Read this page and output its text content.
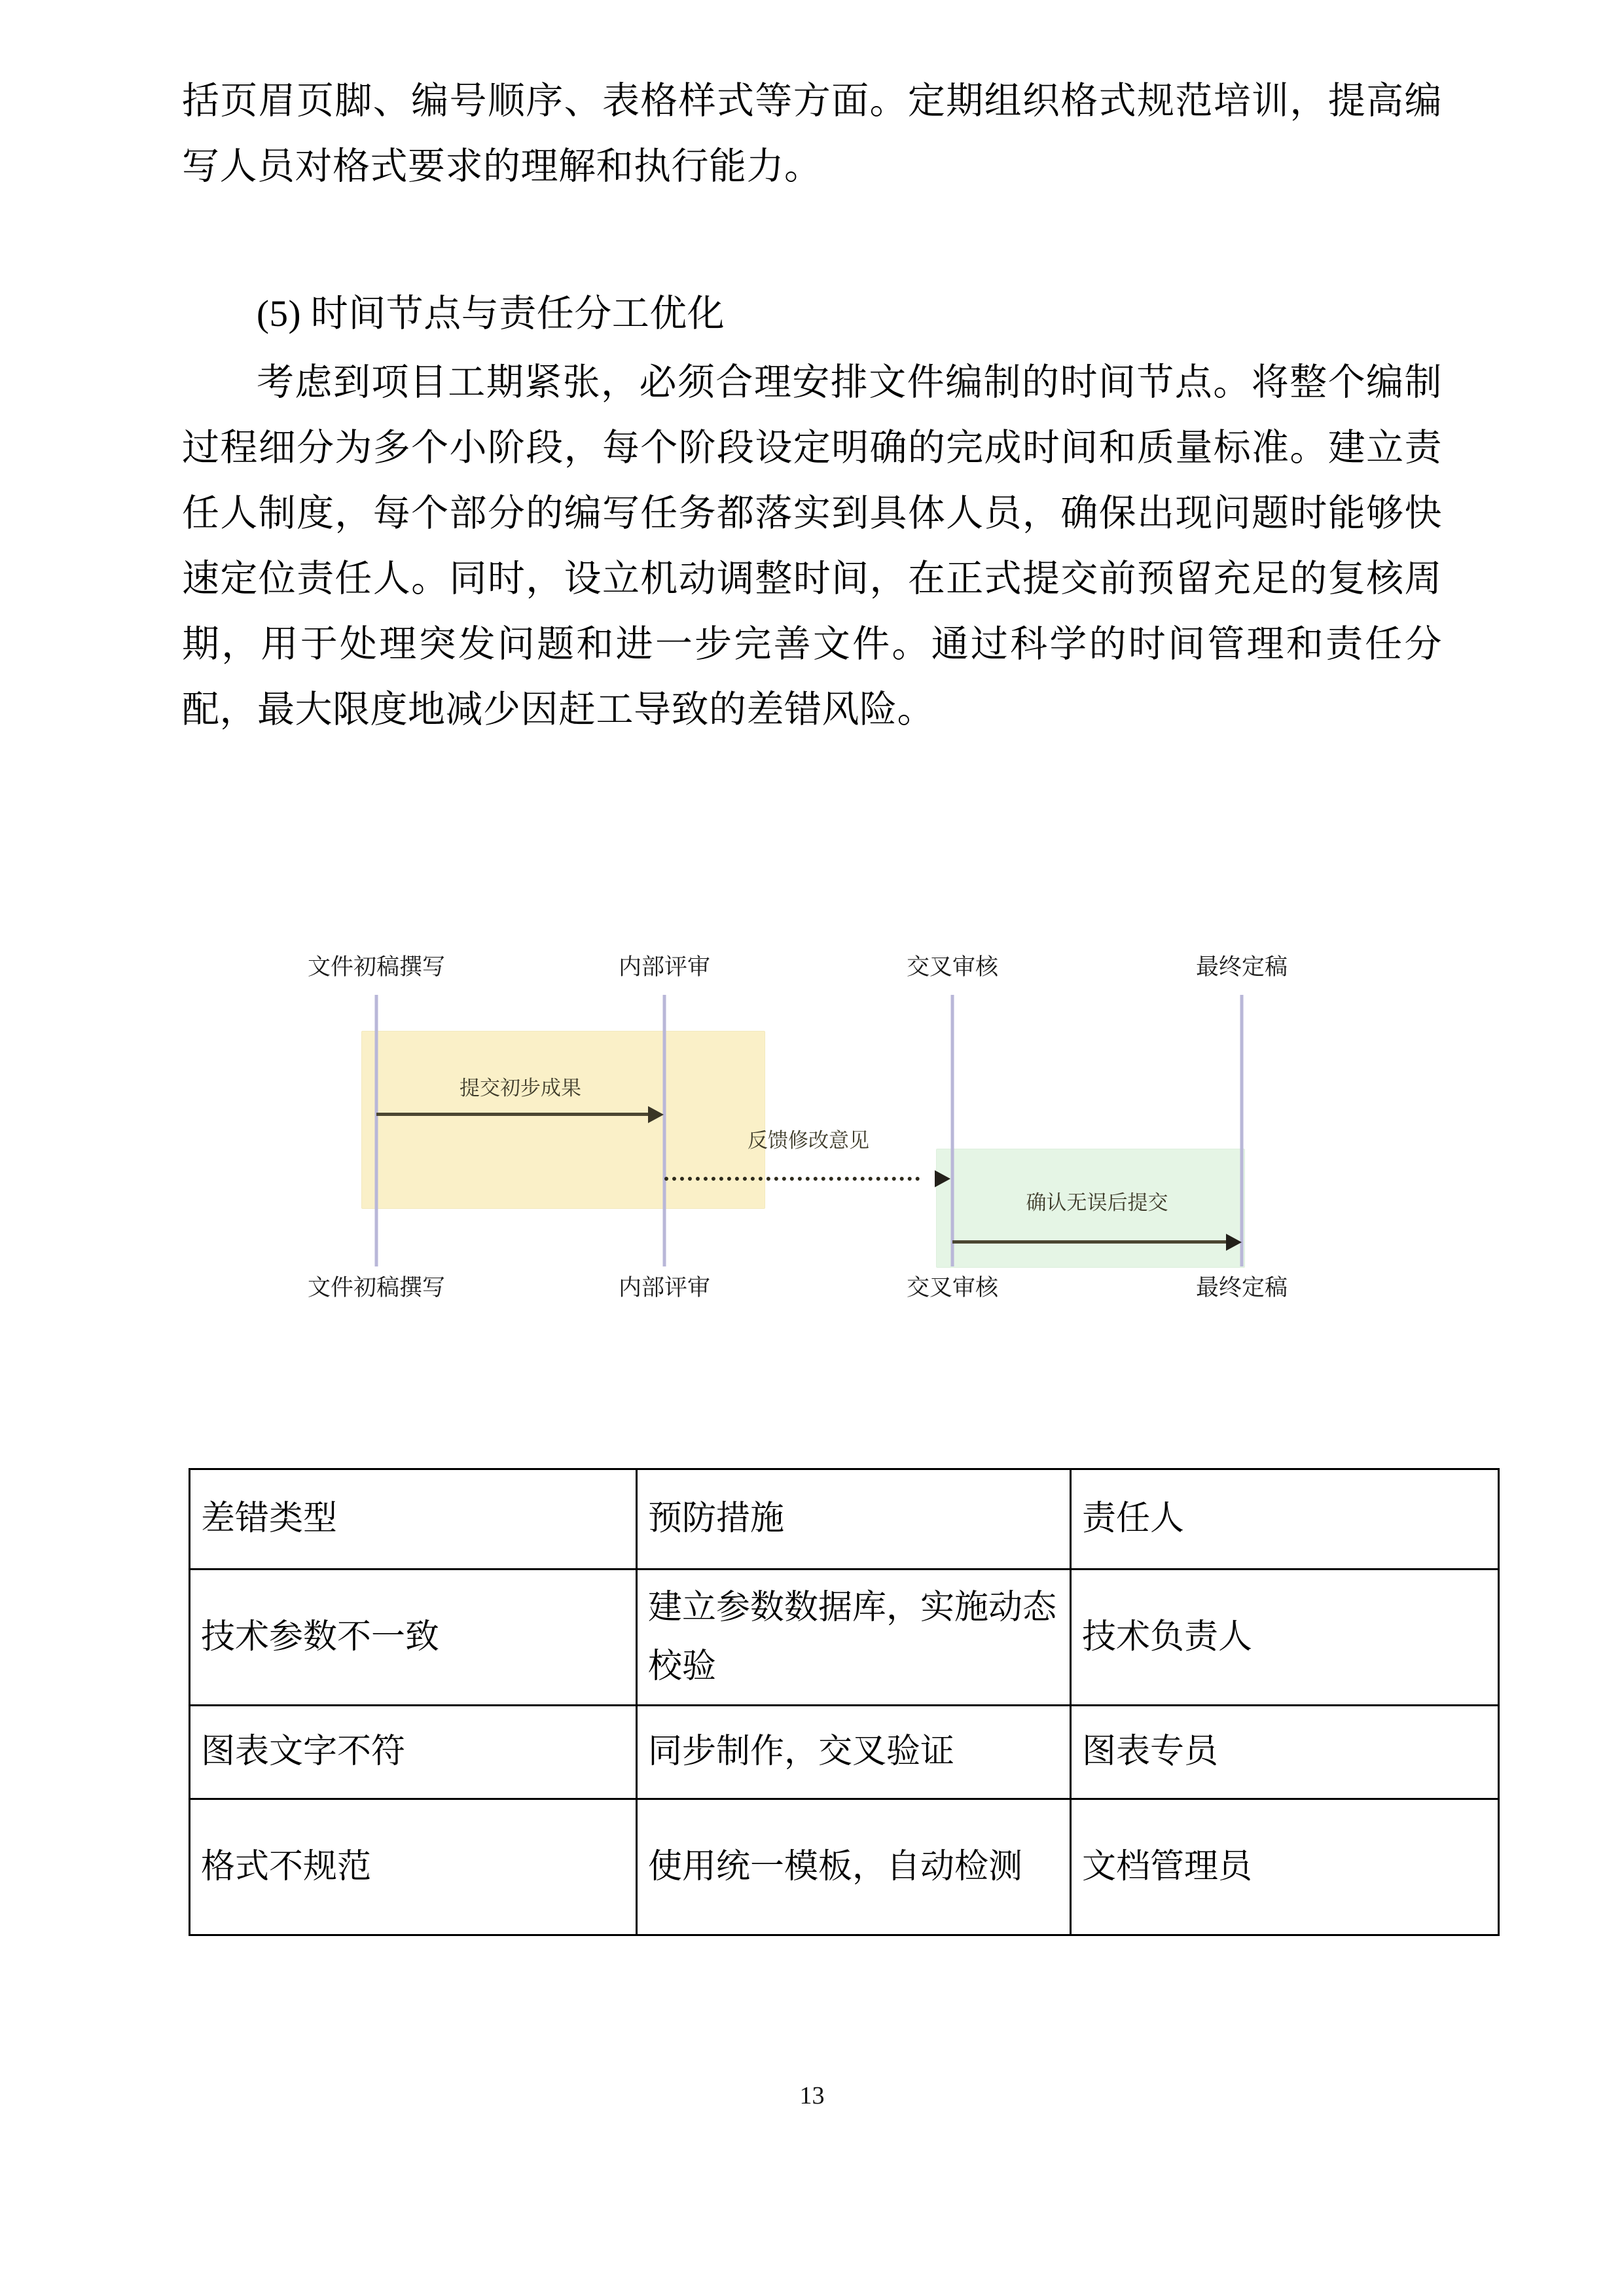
括页眉页脚、编号顺序、表格样式等方面。定期组织格式规范培训，提高编写人员对格式要求的理解和执行能力。
(5) 时间节点与责任分工优化
考虑到项目工期紧张，必须合理安排文件编制的时间节点。将整个编制过程细分为多个小阶段，每个阶段设定明确的完成时间和质量标准。建立责任人制度，每个部分的编写任务都落实到具体人员，确保出现问题时能够快速定位责任人。同时，设立机动调整时间，在正式提交前预留充足的复核周期，用于处理突发问题和进一步完善文件。通过科学的时间管理和责任分配，最大限度地减少因赶工导致的差错风险。
文件初稿撰写	内部评审	交叉审核	最终定稿
提交初步成果
反馈修改意见
确认无误后提交
文件初稿撰写	内部评审	交叉审核	最终定稿
差错类型	预防措施	责任人
技术参数不一致	建立参数数据库，实施动态校验	技术负责人
图表文字不符	同步制作，交叉验证	图表专员
格式不规范	使用统一模板，自动检测	文档管理员
13
